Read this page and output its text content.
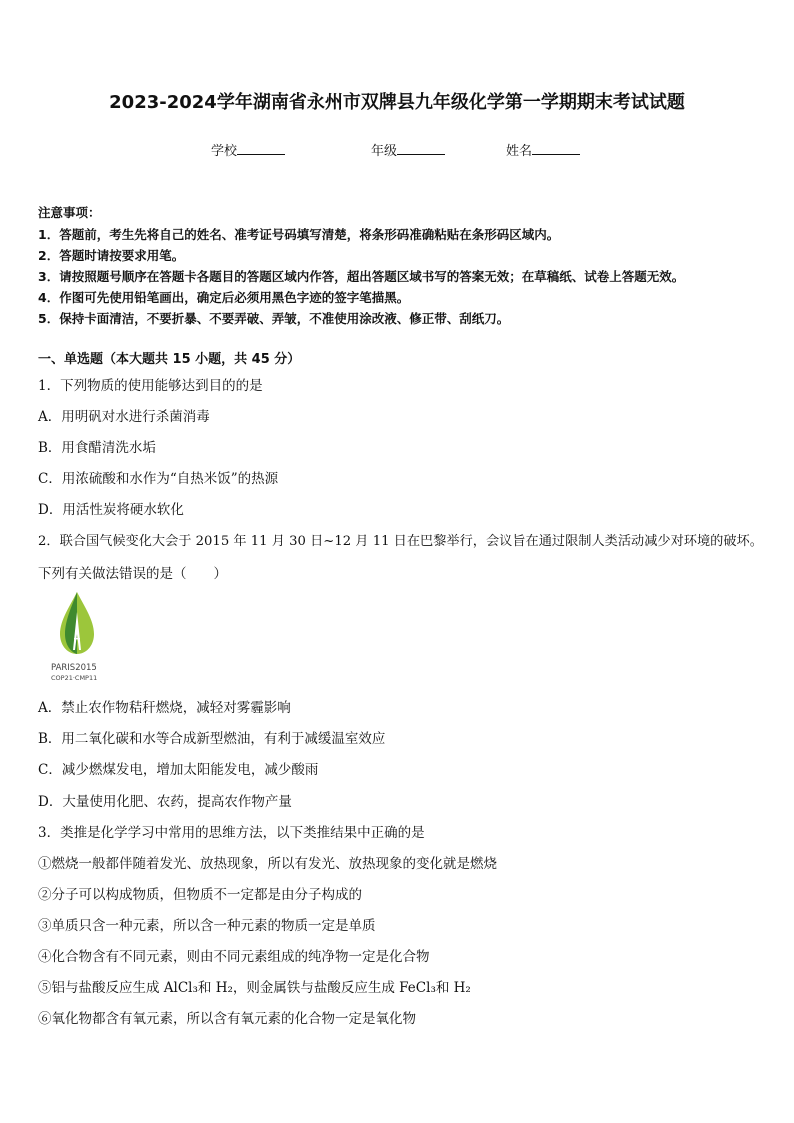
2023-2024学年湖南省永州市双牌县九年级化学第一学期期末考试试题
学校	年级	姓名
注意事项：
1．答题前，考生先将自己的姓名、准考证号码填写清楚，将条形码准确粘贴在条形码区域内。
2．答题时请按要求用笔。
3．请按照题号顺序在答题卡各题目的答题区域内作答，超出答题区域书写的答案无效；在草稿纸、试卷上答题无效。
4．作图可先使用铅笔画出，确定后必须用黑色字迹的签字笔描黑。
5．保持卡面清洁，不要折暴、不要弄破、弄皱，不准使用涂改液、修正带、刮纸刀。
一、单选题（本大题共 15 小题，共 45 分）
1．下列物质的使用能够达到目的的是
A．用明矾对水进行杀菌消毒
B．用食醋清洗水垢
C．用浓硫酸和水作为“自热米饭”的热源
D．用活性炭将硬水软化
2．联合国气候变化大会于 2015 年 11 月 30 日~12 月 11 日在巴黎举行，会议旨在通过限制人类活动减少对环境的破坏。
下列有关做法错误的是（　　）
PARIS2015
COP21·CMP11
A．禁止农作物秸秆燃烧，减轻对雾霾影响
B．用二氧化碳和水等合成新型燃油，有利于减缓温室效应
C．减少燃煤发电，增加太阳能发电，减少酸雨
D．大量使用化肥、农药，提高农作物产量
3．类推是化学学习中常用的思维方法，以下类推结果中正确的是
①燃烧一般都伴随着发光、放热现象，所以有发光、放热现象的变化就是燃烧
②分子可以构成物质，但物质不一定都是由分子构成的
③单质只含一种元素，所以含一种元素的物质一定是单质
④化合物含有不同元素，则由不同元素组成的纯净物一定是化合物
⑤铝与盐酸反应生成 AlCl₃和 H₂，则金属铁与盐酸反应生成 FeCl₃和 H₂
⑥氧化物都含有氧元素，所以含有氧元素的化合物一定是氧化物
